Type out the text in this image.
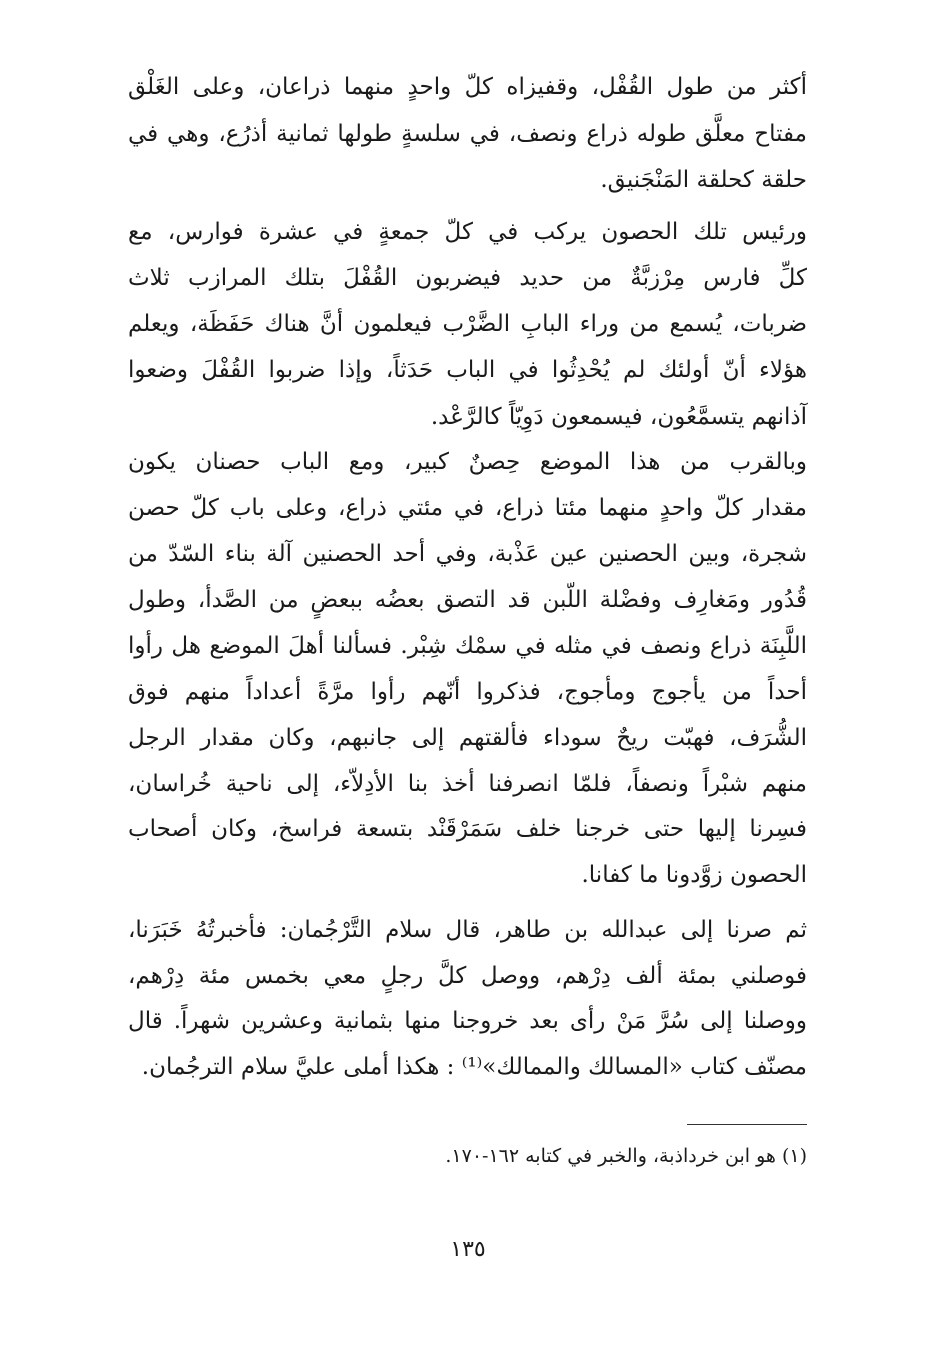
أكثر من طول القُفْل، وقفيزاه كلّ واحدٍ منهما ذراعان، وعلى الغَلْق
مفتاح معلَّق طوله ذراع ونصف، في سلسةٍ طولها ثمانية أذرُع، وهي في
حلقة كحلقة المَنْجَنيق.
ورئيس تلك الحصون يركب في كلّ جمعةٍ في عشرة فوارس، مع
كلِّ فارس مِرْزبَّةٌ من حديد فيضربون القُفْلَ بتلك المرازب ثلاث
ضربات، يُسمع من وراء البابِ الضَّرْب فيعلمون أنَّ هناك حَفَظَة، ويعلم
هؤلاء أنّ أولئك لم يُحْدِثُوا في الباب حَدَثاً، وإذا ضربوا القُفْلَ وضعوا
آذانهم يتسمَّعُون، فيسمعون دَوِيّاً كالرَّعْد.
وبالقرب من هذا الموضع حِصنٌ كبير، ومع الباب حصنان يكون
مقدار كلّ واحدٍ منهما مئتا ذراع، في مئتي ذراع، وعلى باب كلّ حصن
شجرة، وبين الحصنين عين عَذْبة، وفي أحد الحصنين آلة بناء السّدّ من
قُدُور ومَغارِف وفضْلة اللّبن قد التصق بعضُه ببعضٍ من الصَّدأ، وطول
اللَّبِنَة ذراع ونصف في مثله في سمْك شِبْر. فسألنا أهلَ الموضع هل رأوا
أحداً من يأجوج ومأجوج، فذكروا أنّهم رأوا مرَّةً أعداداً منهم فوق
الشُّرَف، فهبّت ريحٌ سوداء فألقتهم إلى جانبهم، وكان مقدار الرجل
منهم شبْراً ونصفاً، فلمّا انصرفنا أخذ بنا الأدِلاّء، إلى ناحية خُراسان،
فسِرنا إليها حتى خرجنا خلف سَمَرْقَنْد بتسعة فراسخ، وكان أصحاب
الحصون زوَّدونا ما كفانا.
ثم صرنا إلى عبدالله بن طاهر، قال سلام التَّرْجُمان: فأخبرتُهُ خَبَرَنا،
فوصلني بمئة ألف دِرْهم، ووصل كلَّ رجلٍ معي بخمس مئة دِرْهم،
ووصلنا إلى سُرَّ مَنْ رأى بعد خروجنا منها بثمانية وعشرين شهراً. قال
مصنّف كتاب «المسالك والممالك»⁽¹⁾ : هكذا أملى عليَّ سلام الترجُمان.
(١) هو ابن خرداذبة، والخبر في كتابه ١٦٢-١٧٠.
١٣٥
